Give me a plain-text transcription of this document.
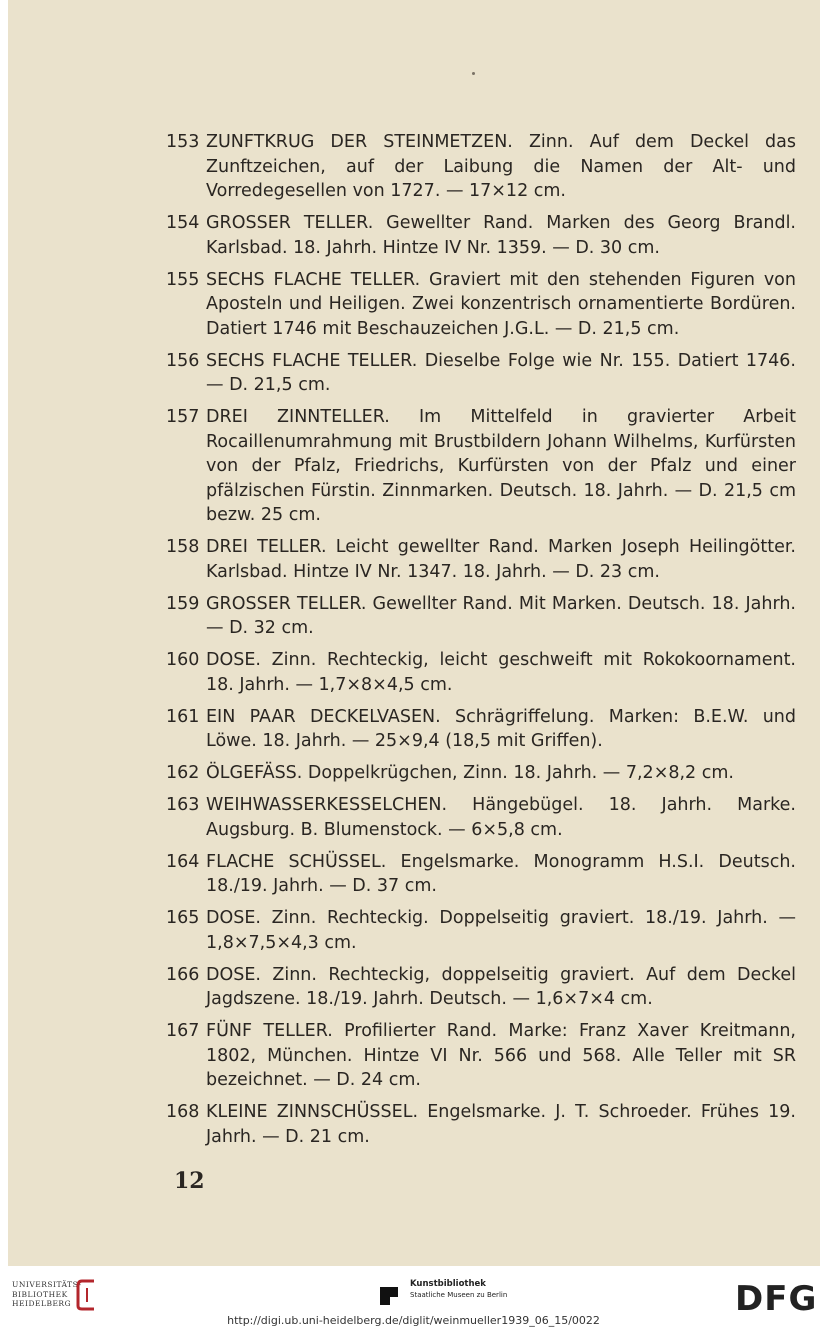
153 ZUNFTKRUG DER STEINMETZEN. Zinn. Auf dem Deckel das Zunftzeichen, auf der Laibung die Namen der Alt- und Vorredegesellen von 1727. — 17×12 cm.
154 GROSSER TELLER. Gewellter Rand. Marken des Georg Brandl. Karlsbad. 18. Jahrh. Hintze IV Nr. 1359. — D. 30 cm.
155 SECHS FLACHE TELLER. Graviert mit den stehenden Figuren von Aposteln und Heiligen. Zwei konzentrisch ornamentierte Bordüren. Datiert 1746 mit Beschauzeichen J.G.L. — D. 21,5 cm.
156 SECHS FLACHE TELLER. Dieselbe Folge wie Nr. 155. Datiert 1746. — D. 21,5 cm.
157 DREI ZINNTELLER. Im Mittelfeld in gravierter Arbeit Rocaillenumrahmung mit Brustbildern Johann Wilhelms, Kurfürsten von der Pfalz, Friedrichs, Kurfürsten von der Pfalz und einer pfälzischen Fürstin. Zinnmarken. Deutsch. 18. Jahrh. — D. 21,5 cm bezw. 25 cm.
158 DREI TELLER. Leicht gewellter Rand. Marken Joseph Heilingötter. Karlsbad. Hintze IV Nr. 1347. 18. Jahrh. — D. 23 cm.
159 GROSSER TELLER. Gewellter Rand. Mit Marken. Deutsch. 18. Jahrh. — D. 32 cm.
160 DOSE. Zinn. Rechteckig, leicht geschweift mit Rokokoornament. 18. Jahrh. — 1,7×8×4,5 cm.
161 EIN PAAR DECKELVASEN. Schrägriffelung. Marken: B.E.W. und Löwe. 18. Jahrh. — 25×9,4 (18,5 mit Griffen).
162 ÖLGEFÄSS. Doppelkrügchen, Zinn. 18. Jahrh. — 7,2×8,2 cm.
163 WEIHWASSERKESSELCHEN. Hängebügel. 18. Jahrh. Marke. Augsburg. B. Blumenstock. — 6×5,8 cm.
164 FLACHE SCHÜSSEL. Engelsmarke. Monogramm H.S.I. Deutsch. 18./19. Jahrh. — D. 37 cm.
165 DOSE. Zinn. Rechteckig. Doppelseitig graviert. 18./19. Jahrh. — 1,8×7,5×4,3 cm.
166 DOSE. Zinn. Rechteckig, doppelseitig graviert. Auf dem Deckel Jagdszene. 18./19. Jahrh. Deutsch. — 1,6×7×4 cm.
167 FÜNF TELLER. Profilierter Rand. Marke: Franz Xaver Kreitmann, 1802, München. Hintze VI Nr. 566 und 568. Alle Teller mit SR bezeichnet. — D. 24 cm.
168 KLEINE ZINNSCHÜSSEL. Engelsmarke. J. T. Schroeder. Frühes 19. Jahrh. — D. 21 cm.
12
UNIVERSITÄTS-
BIBLIOTHEK
HEIDELBERG
Kunstbibliothek
Staatliche Museen zu Berlin	DFG
http://digi.ub.uni-heidelberg.de/diglit/weinmueller1939_06_15/0022
